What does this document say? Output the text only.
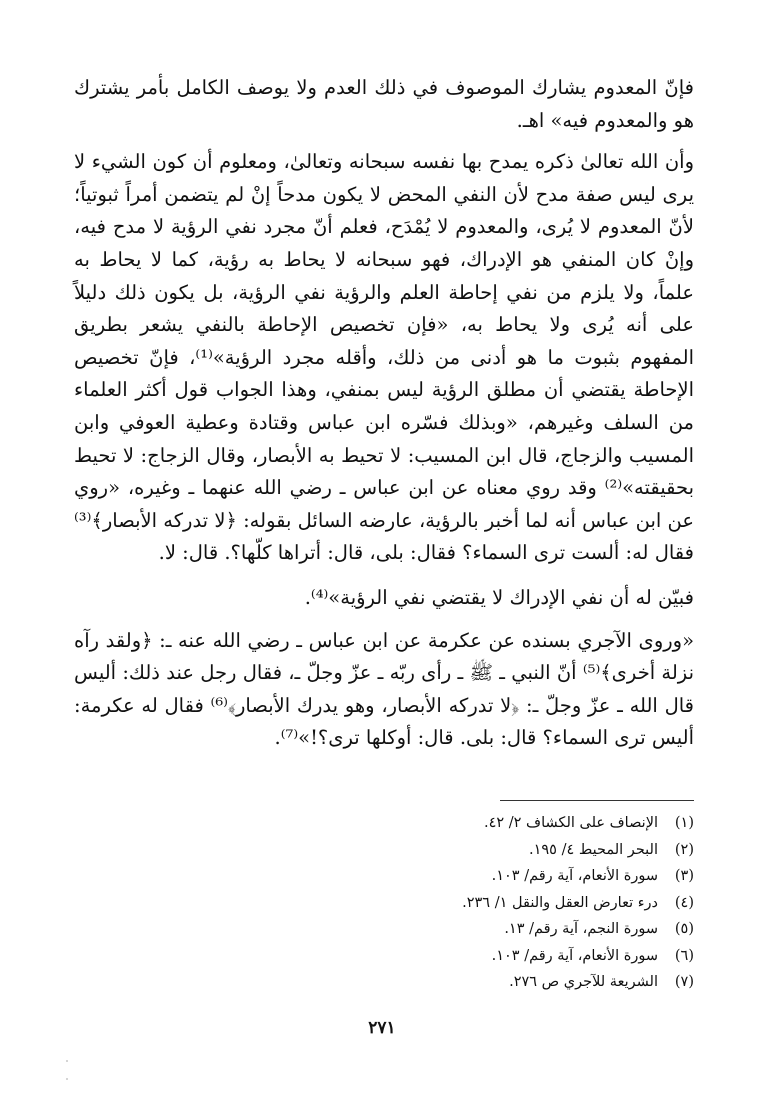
فإنّ المعدوم يشارك الموصوف في ذلك العدم ولا يوصف الكامل بأمر يشترك هو والمعدوم فيه» اهـ.

وأن الله تعالىٰ ذكره يمدح بها نفسه سبحانه وتعالىٰ، ومعلوم أن كون الشيء لا يرى ليس صفة مدح لأن النفي المحض لا يكون مدحاً إنْ لم يتضمن أمراً ثبوتياً؛ لأنّ المعدوم لا يُرى، والمعدوم لا يُمْدَح، فعلم أنّ مجرد نفي الرؤية لا مدح فيه، وإنْ كان المنفي هو الإدراك، فهو سبحانه لا يحاط به رؤية، كما لا يحاط به علماً، ولا يلزم من نفي إحاطة العلم والرؤية نفي الرؤية، بل يكون ذلك دليلاً على أنه يُرى ولا يحاط به، «فإن تخصيص الإحاطة بالنفي يشعر بطريق المفهوم بثبوت ما هو أدنى من ذلك، وأقله مجرد الرؤية»⁽¹⁾، فإنّ تخصيص الإحاطة يقتضي أن مطلق الرؤية ليس بمنفي، وهذا الجواب قول أكثر العلماء من السلف وغيرهم، «وبذلك فسّره ابن عباس وقتادة وعطية العوفي وابن المسيب والزجاج، قال ابن المسيب: لا تحيط به الأبصار، وقال الزجاج: لا تحيط بحقيقته»⁽²⁾ وقد روي معناه عن ابن عباس ـ رضي الله عنهما ـ وغيره، «روي عن ابن عباس أنه لما أخبر بالرؤية، عارضه السائل بقوله: ﴿لا تدركه الأبصار﴾⁽³⁾ فقال له: ألست ترى السماء؟ فقال: بلى، قال: أتراها كلّها؟. قال: لا.

فبيّن له أن نفي الإدراك لا يقتضي نفي الرؤية»⁽⁴⁾.

«وروى الآجري بسنده عن عكرمة عن ابن عباس ـ رضي الله عنه ـ: ﴿ولقد رآه نزلة أخرى﴾⁽⁵⁾ أنّ النبي ـ ﷺ ـ رأى ربّه ـ عزّ وجلّ ـ، فقال رجل عند ذلك: أليس قال الله ـ عزّ وجلّ ـ: ﴿لا تدركه الأبصار، وهو يدرك الأبصار﴾⁽⁶⁾ فقال له عكرمة: أليس ترى السماء؟ قال: بلى. قال: أوكلها ترى؟!»⁽⁷⁾.

(١)
الإنصاف على الكشاف ٢/ ٤٢.
(٢)
البحر المحيط ٤/ ١٩٥.
(٣)
سورة الأنعام، آية رقم/ ١٠٣.
(٤)
درء تعارض العقل والنقل ١/ ٢٣٦.
(٥)
سورة النجم، آية رقم/ ١٣.
(٦)
سورة الأنعام، آية رقم/ ١٠٣.
(٧)
الشريعة للآجري ص ٢٧٦.
٢٧١
